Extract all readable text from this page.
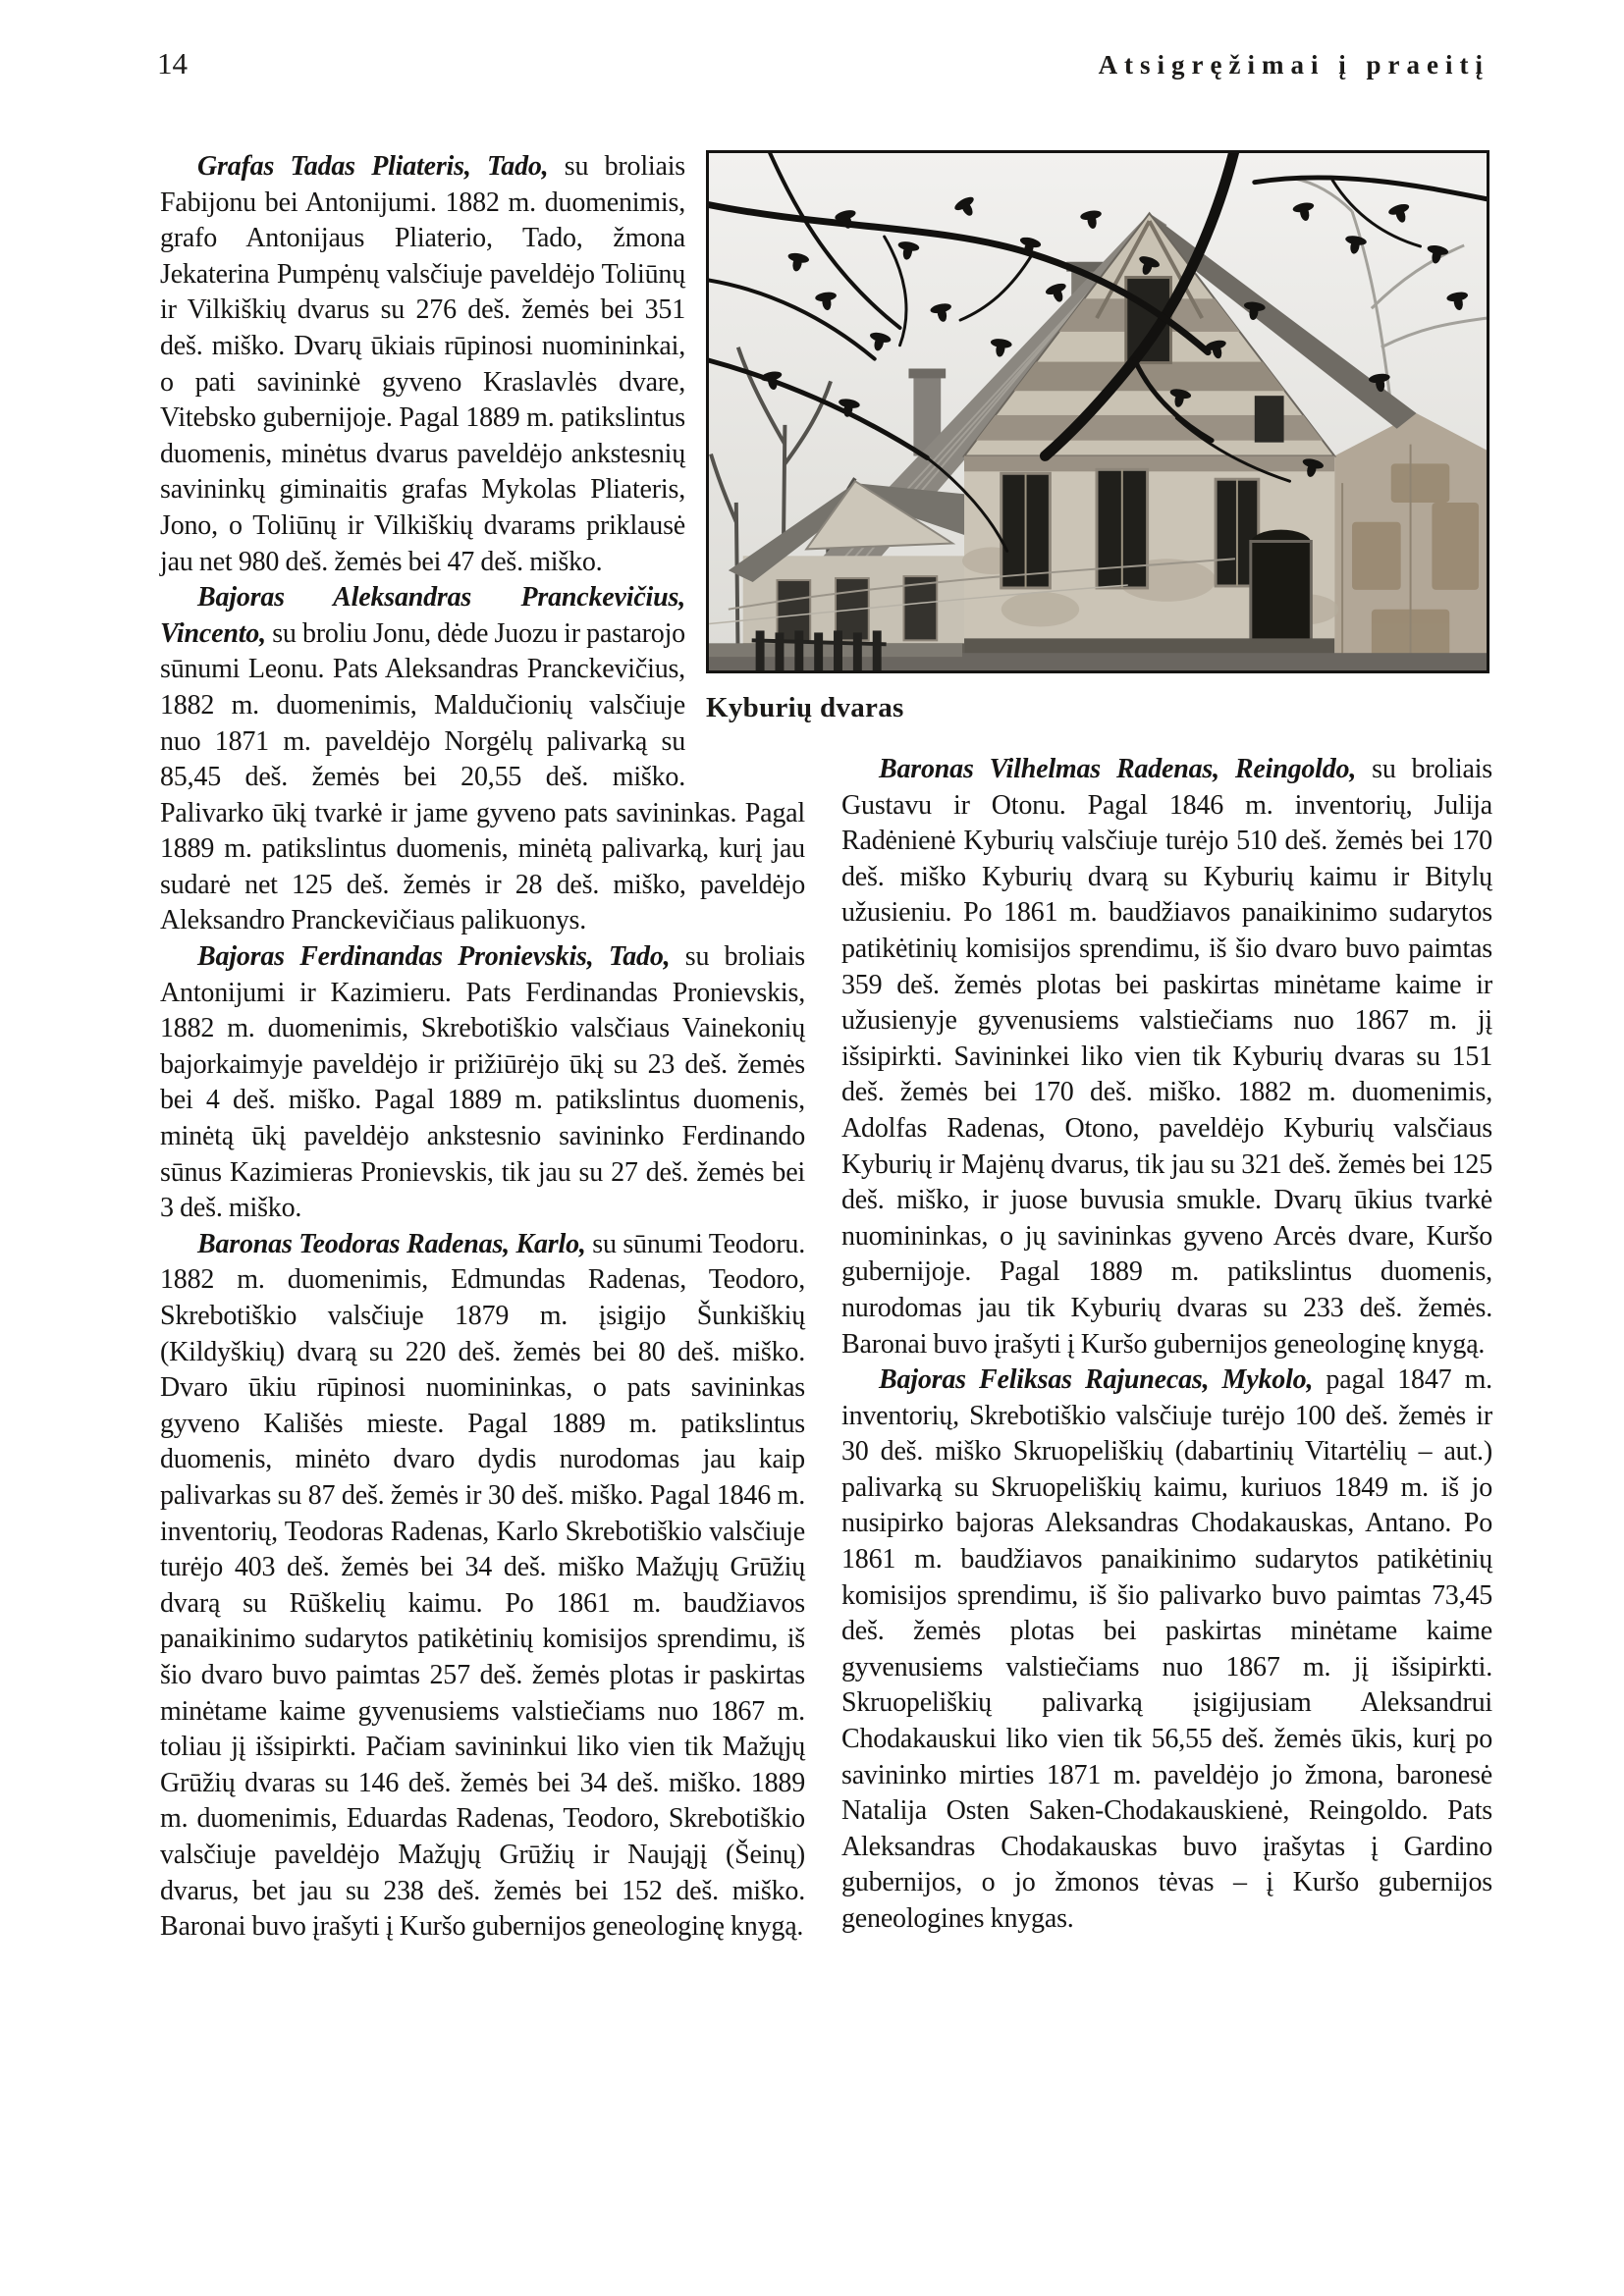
14	Atsigręžimai į praeitį
Kyburių dvaras

Grafas Tadas Pliateris, Tado, su broliais Fabijonu bei Antonijumi. 1882 m. duomenimis, grafo Antonijaus Pliaterio, Tado, žmona Jekaterina Pumpėnų valsčiuje paveldėjo Toliūnų ir Vilkiškių dvarus su 276 deš. žemės bei 351 deš. miško. Dvarų ūkiais rūpinosi nuomininkai, o pati savininkė gyveno Kraslavlės dvare, Vitebsko gubernijoje. Pagal 1889 m. patikslintus duomenis, minėtus dvarus paveldėjo ankstesnių savininkų giminaitis grafas Mykolas Pliateris, Jono, o Toliūnų ir Vilkiškių dvarams priklausė jau net 980 deš. žemės bei 47 deš. miško.

Bajoras Aleksandras Pranckevičius, Vincento, su broliu Jonu, dėde Juozu ir pastarojo sūnumi Leonu. Pats Aleksandras Pranckevičius, 1882 m. duomenimis, Maldučionių valsčiuje nuo 1871 m. paveldėjo Norgėlų palivarką su 85,45 deš. žemės bei 20,55 deš. miško. Palivarko ūkį tvarkė ir jame gyveno pats savininkas. Pagal 1889 m. patikslintus duomenis, minėtą palivarką, kurį jau sudarė net 125 deš. žemės ir 28 deš. miško, paveldėjo Aleksandro Pranckevičiaus palikuonys.

Bajoras Ferdinandas Pronievskis, Tado, su broliais Antonijumi ir Kazimieru. Pats Ferdinandas Pronievskis, 1882 m. duomenimis, Skrebotiškio valsčiaus Vainekonių bajorkaimyje paveldėjo ir prižiūrėjo ūkį su 23 deš. žemės bei 4 deš. miško. Pagal 1889 m. patikslintus duomenis, minėtą ūkį paveldėjo ankstesnio savininko Ferdinando sūnus Kazimieras Pronievskis, tik jau su 27 deš. žemės bei 3 deš. miško.

Baronas Teodoras Radenas, Karlo, su sūnumi Teodoru. 1882 m. duomenimis, Edmundas Radenas, Teodoro, Skrebotiškio valsčiuje 1879 m. įsigijo Šunkiškių (Kildyškių) dvarą su 220 deš. žemės bei 80 deš. miško. Dvaro ūkiu rūpinosi nuomininkas, o pats savininkas gyveno Kališės mieste. Pagal 1889 m. patikslintus duomenis, minėto dvaro dydis nurodomas jau kaip palivarkas su 87 deš. žemės ir 30 deš. miško. Pagal 1846 m. inventorių, Teodoras Radenas, Karlo Skrebotiškio valsčiuje turėjo 403 deš. žemės bei 34 deš. miško Mažųjų Grūžių dvarą su Rūškelių kaimu. Po 1861 m. baudžiavos panaikinimo sudarytos patikėtinių komisijos sprendimu, iš šio dvaro buvo paimtas 257 deš. žemės plotas ir paskirtas minėtame kaime gyvenusiems valstiečiams nuo 1867 m. toliau jį išsipirkti. Pačiam savininkui liko vien tik Mažųjų Grūžių dvaras su 146 deš. žemės bei 34 deš. miško. 1889 m. duomenimis, Eduardas Radenas, Teodoro, Skrebotiškio valsčiuje paveldėjo Mažųjų Grūžių ir Naująjį (Šeinų) dvarus, bet jau su 238 deš. žemės bei 152 deš. miško. Baronai buvo įrašyti į Kuršo gubernijos geneologinę knygą.

Baronas Vilhelmas Radenas, Reingoldo, su broliais Gustavu ir Otonu. Pagal 1846 m. inventorių, Julija Radėnienė Kyburių valsčiuje turėjo 510 deš. žemės bei 170 deš. miško Kyburių dvarą su Kyburių kaimu ir Bitylų užusieniu. Po 1861 m. baudžiavos panaikinimo sudarytos patikėtinių komisijos sprendimu, iš šio dvaro buvo paimtas 359 deš. žemės plotas bei paskirtas minėtame kaime ir užusienyje gyvenusiems valstiečiams nuo 1867 m. jį išsipirkti. Savininkei liko vien tik Kyburių dvaras su 151 deš. žemės bei 170 deš. miško. 1882 m. duomenimis, Adolfas Radenas, Otono, paveldėjo Kyburių valsčiaus Kyburių ir Majėnų dvarus, tik jau su 321 deš. žemės bei 125 deš. miško, ir juose buvusia smukle. Dvarų ūkius tvarkė nuomininkas, o jų savininkas gyveno Arcės dvare, Kuršo gubernijoje. Pagal 1889 m. patikslintus duomenis, nurodomas jau tik Kyburių dvaras su 233 deš. žemės. Baronai buvo įrašyti į Kuršo gubernijos geneologinę knygą.

Bajoras Feliksas Rajunecas, Mykolo, pagal 1847 m. inventorių, Skrebotiškio valsčiuje turėjo 100 deš. žemės ir 30 deš. miško Skruopeliškių (dabartinių Vitartėlių – aut.) palivarką su Skruopeliškių kaimu, kuriuos 1849 m. iš jo nusipirko bajoras Aleksandras Chodakauskas, Antano. Po 1861 m. baudžiavos panaikinimo sudarytos patikėtinių komisijos sprendimu, iš šio palivarko buvo paimtas 73,45 deš. žemės plotas bei paskirtas minėtame kaime gyvenusiems valstiečiams nuo 1867 m. jį išsipirkti. Skruopeliškių palivarką įsigijusiam Aleksandrui Chodakauskui liko vien tik 56,55 deš. žemės ūkis, kurį po savininko mirties 1871 m. paveldėjo jo žmona, baronesė Natalija Osten Saken-Chodakauskienė, Reingoldo. Pats Aleksandras Chodakauskas buvo įrašytas į Gardino gubernijos, o jo žmonos tėvas – į Kuršo gubernijos geneologines knygas.
